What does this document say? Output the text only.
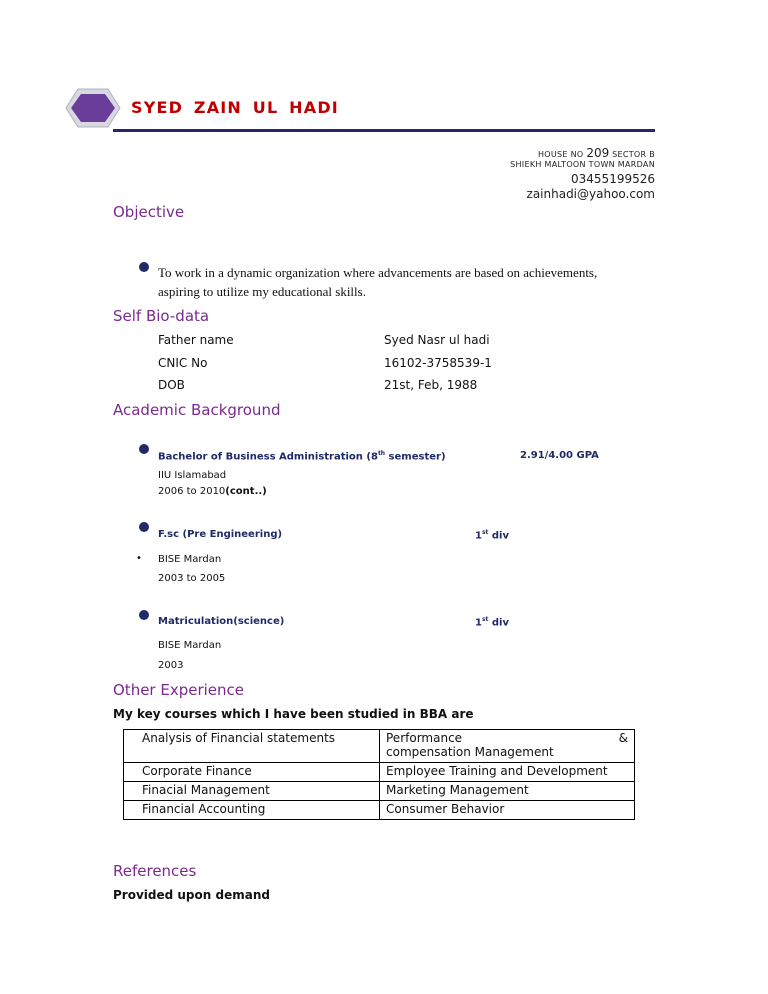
SYED ZAIN UL HADI
HOUSE NO 209 SECTOR B
SHIEKH MALTOON TOWN MARDAN
03455199526
zainhadi@yahoo.com
Objective
To work in a dynamic organization where advancements are based on achievements,
aspiring to utilize my educational skills.
Self Bio-data
Father name	Syed Nasr ul hadi
CNIC No	16102-3758539-1
DOB	21st, Feb, 1988
Academic Background
Bachelor of Business Administration (8th semester)	2.91/4.00 GPA
IIU Islamabad
2006 to 2010(cont..)
F.sc (Pre Engineering)	1st div
• BISE Mardan
2003 to 2005
Matriculation(science)	1st div
BISE Mardan
2003
Other Experience
My key courses which I have been studied in BBA are
Analysis of Financial statements	Performance          &         compensation Management
Corporate Finance	Employee Training and Development
Finacial Management	Marketing Management
Financial Accounting	Consumer Behavior
References
Provided upon demand
